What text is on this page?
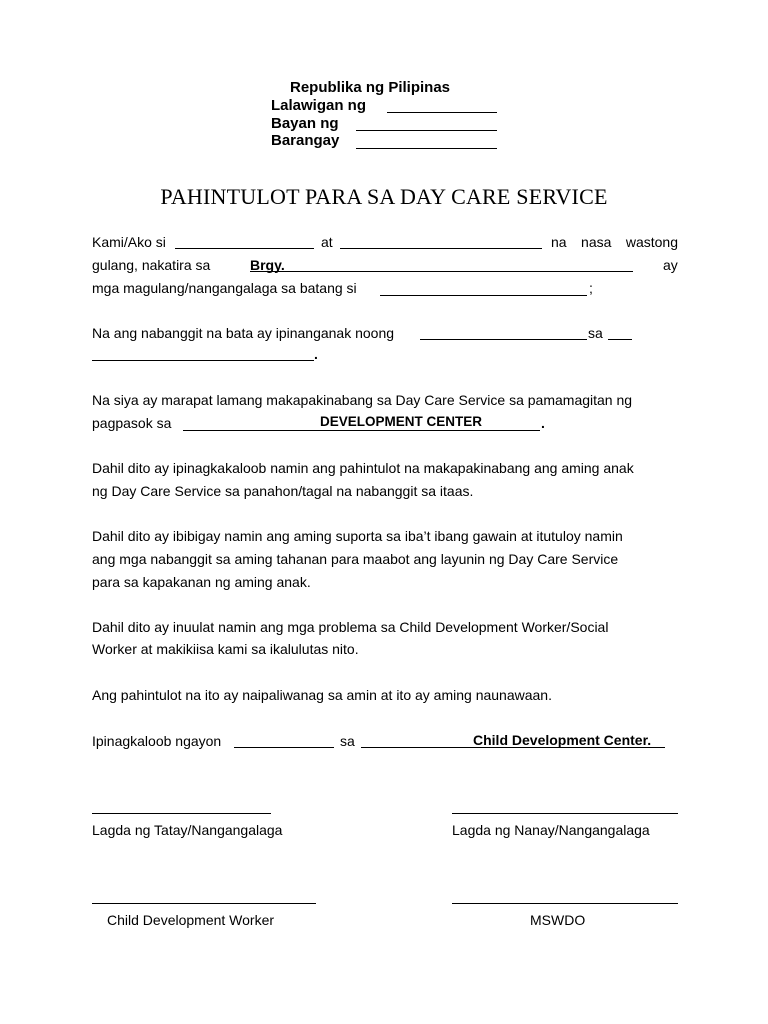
Republika ng Pilipinas
Lalawigan ng
Bayan ng
Barangay
PAHINTULOT PARA SA DAY CARE SERVICE
Kami/Ako si	at	na nasa wastong
gulang, nakatira sa	Brgy.	ay
mga magulang/nangangalaga sa batang si	;
Na ang nabanggit na bata ay ipinanganak noong	sa
.
Na siya ay marapat lamang makapakinabang sa Day Care Service sa pamamagitan ng
pagpasok sa	DEVELOPMENT CENTER	.
Dahil dito ay ipinagkakaloob namin ang pahintulot na makapakinabang ang aming anak
ng Day Care Service sa panahon/tagal na nabanggit sa itaas.
Dahil dito ay ibibigay namin ang aming suporta sa iba’t ibang gawain at itutuloy namin
ang mga nabanggit sa aming tahanan para maabot ang layunin ng Day Care Service
para sa kapakanan ng aming anak.
Dahil dito ay inuulat namin ang mga problema sa Child Development Worker/Social
Worker at makikiisa kami sa ikalulutas nito.
Ang pahintulot na ito ay naipaliwanag sa amin at ito ay aming naunawaan.
Ipinagkaloob ngayon	sa	Child Development Center.
Lagda ng Tatay/Nangangalaga	Lagda ng Nanay/Nangangalaga
Child Development Worker	MSWDO
